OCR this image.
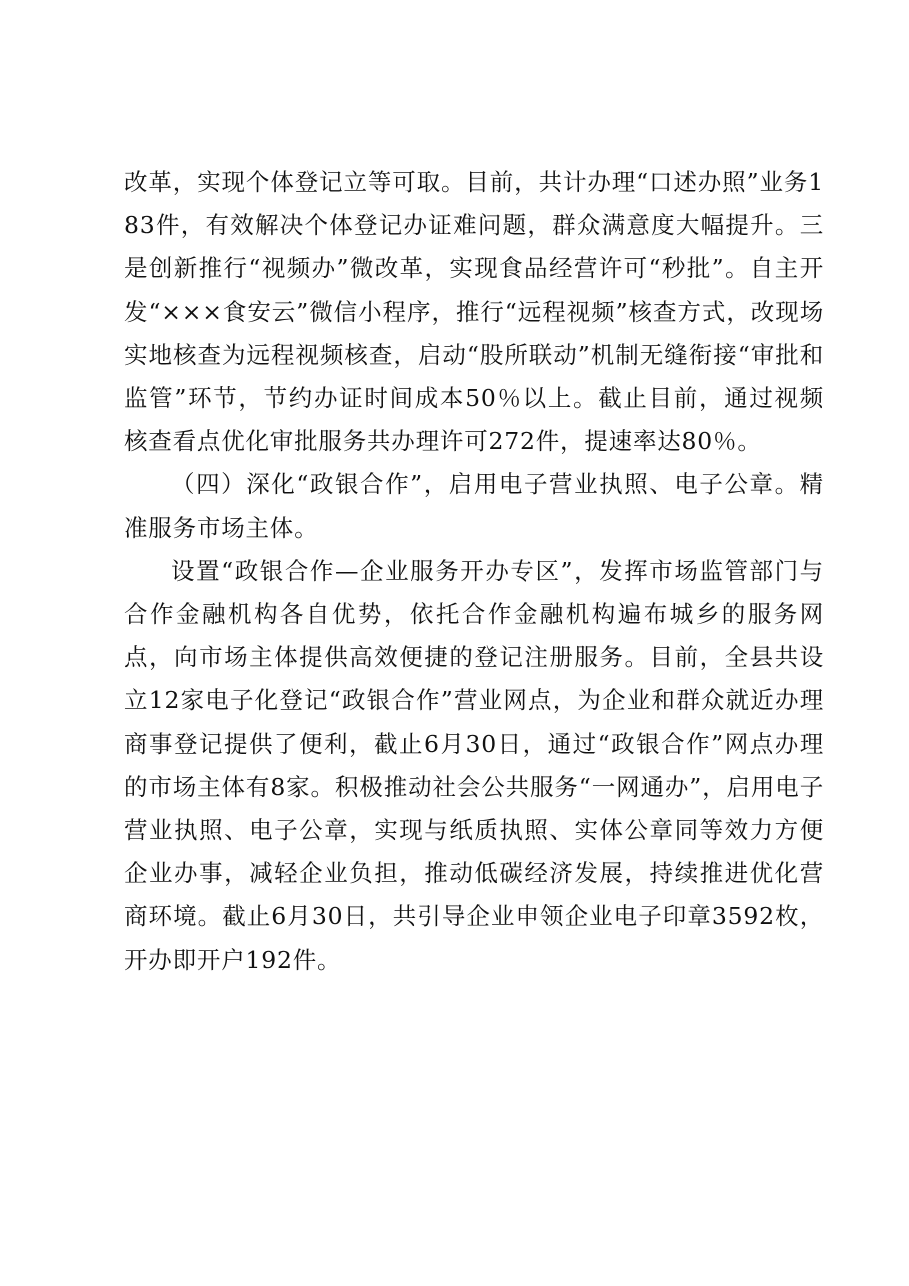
改革，实现个体登记立等可取。目前，共计办理“口述办照”业务183件，有效解决个体登记办证难问题，群众满意度大幅提升。三是创新推行“视频办”微改革，实现食品经营许可“秒批”。自主开发“×××食安云”微信小程序，推行“远程视频”核查方式，改现场实地核查为远程视频核查，启动“股所联动”机制无缝衔接“审批和监管”环节，节约办证时间成本50％以上。截止目前，通过视频核查看点优化审批服务共办理许可272件，提速率达80％。

（四）深化“政银合作”，启用电子营业执照、电子公章。精准服务市场主体。

设置“政银合作—企业服务开办专区”，发挥市场监管部门与合作金融机构各自优势，依托合作金融机构遍布城乡的服务网点，向市场主体提供高效便捷的登记注册服务。目前，全县共设立12家电子化登记“政银合作”营业网点，为企业和群众就近办理商事登记提供了便利，截止6月30日，通过“政银合作”网点办理的市场主体有8家。积极推动社会公共服务“一网通办”，启用电子营业执照、电子公章，实现与纸质执照、实体公章同等效力方便企业办事，减轻企业负担，推动低碳经济发展，持续推进优化营商环境。截止6月30日，共引导企业申领企业电子印章3592枚，开办即开户192件。
